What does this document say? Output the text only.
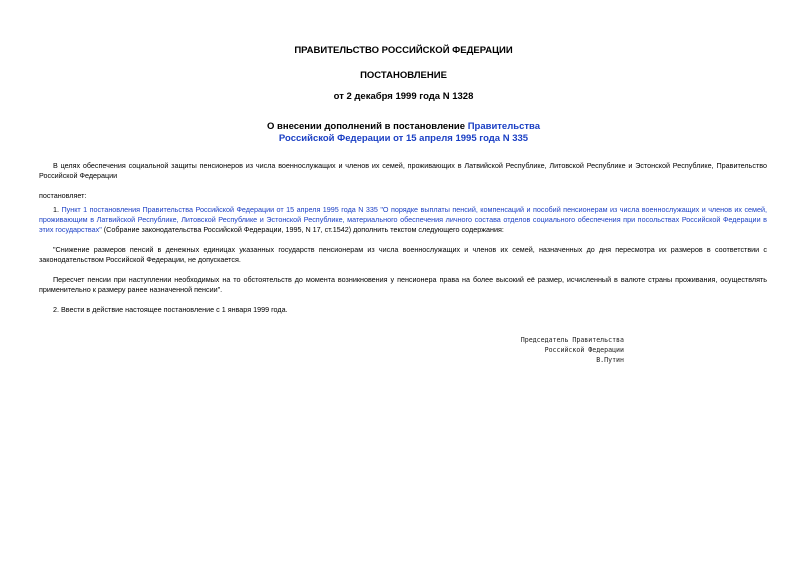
ПРАВИТЕЛЬСТВО РОССИЙСКОЙ ФЕДЕРАЦИИ
ПОСТАНОВЛЕНИЕ
от 2 декабря 1999 года N 1328
О внесении дополнений в постановление Правительства
Российской Федерации от 15 апреля 1995 года N 335
В целях обеспечения социальной защиты пенсионеров из числа военнослужащих и членов их семей, проживающих в Латвийской Республике, Литовской Республике и Эстонской Республике, Правительство Российской Федерации
постановляет:
1. Пункт 1 постановления Правительства Российской Федерации от 15 апреля 1995 года N 335 "О порядке выплаты пенсий, компенсаций и пособий пенсионерам из числа военнослужащих и членов их семей, проживающим в Латвийской Республике, Литовской Республике и Эстонской Республике, материального обеспечения личного состава отделов социального обеспечения при посольствах Российской Федерации в этих государствах" (Собрание законодательства Российской Федерации, 1995, N 17, ст.1542) дополнить текстом следующего содержания:
"Снижение размеров пенсий в денежных единицах указанных государств пенсионерам из числа военнослужащих и членов их семей, назначенных до дня пересмотра их размеров в соответствии с законодательством Российской Федерации, не допускается.
Пересчет пенсии при наступлении необходимых на то обстоятельств до момента возникновения у пенсионера права на более высокий её размер, исчисленный в валюте страны проживания, осуществлять применительно к размеру ранее назначенной пенсии".
2. Ввести в действие настоящее постановление с 1 января 1999 года.
Председатель Правительства
Российской Федерации
В.Путин
